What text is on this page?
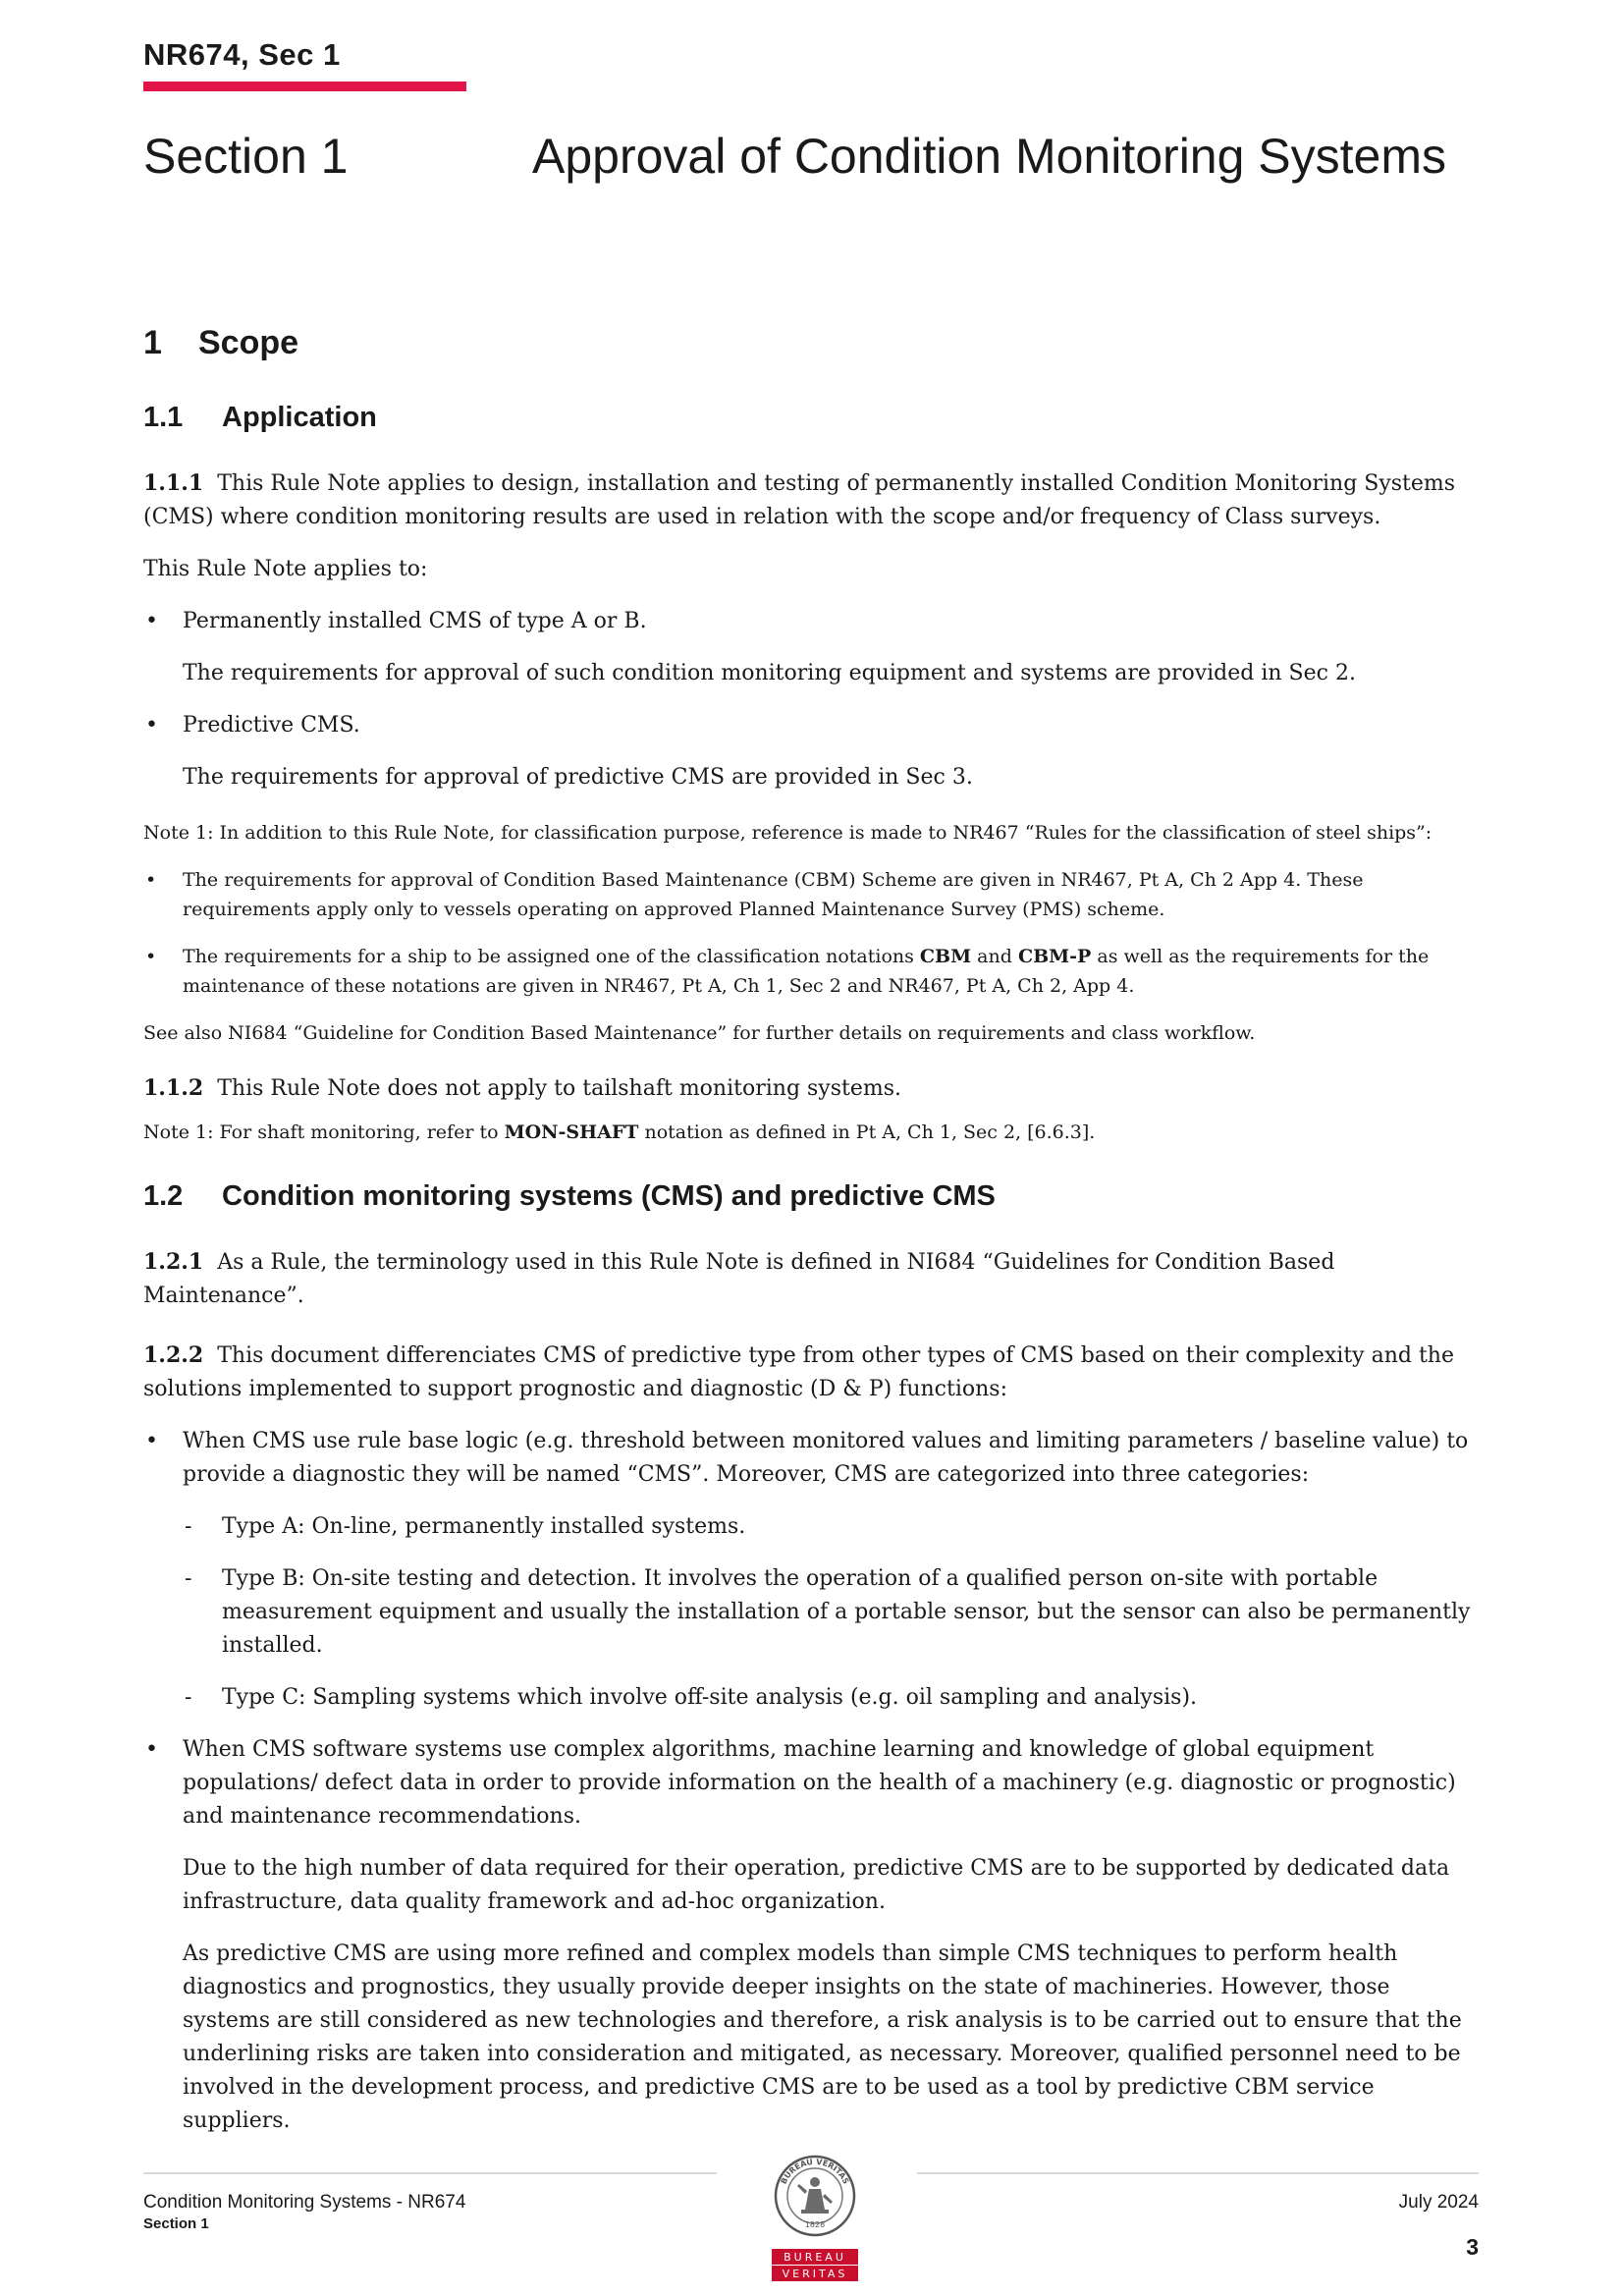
NR674, Sec 1
Section 1	Approval of Condition Monitoring Systems
1 Scope
1.1 Application
1.1.1 This Rule Note applies to design, installation and testing of permanently installed Condition Monitoring Systems (CMS) where condition monitoring results are used in relation with the scope and/or frequency of Class surveys.
This Rule Note applies to:
• Permanently installed CMS of type A or B.
The requirements for approval of such condition monitoring equipment and systems are provided in Sec 2.
• Predictive CMS.
The requirements for approval of predictive CMS are provided in Sec 3.
Note 1: In addition to this Rule Note, for classification purpose, reference is made to NR467 “Rules for the classification of steel ships”:
• The requirements for approval of Condition Based Maintenance (CBM) Scheme are given in NR467, Pt A, Ch 2 App 4. These requirements apply only to vessels operating on approved Planned Maintenance Survey (PMS) scheme.
• The requirements for a ship to be assigned one of the classification notations CBM and CBM-P as well as the requirements for the maintenance of these notations are given in NR467, Pt A, Ch 1, Sec 2 and NR467, Pt A, Ch 2, App 4.
See also NI684 “Guideline for Condition Based Maintenance” for further details on requirements and class workflow.
1.1.2 This Rule Note does not apply to tailshaft monitoring systems.
Note 1: For shaft monitoring, refer to MON-SHAFT notation as defined in Pt A, Ch 1, Sec 2, [6.6.3].
1.2 Condition monitoring systems (CMS) and predictive CMS
1.2.1 As a Rule, the terminology used in this Rule Note is defined in NI684 “Guidelines for Condition Based Maintenance”.
1.2.2 This document differenciates CMS of predictive type from other types of CMS based on their complexity and the solutions implemented to support prognostic and diagnostic (D & P) functions:
• When CMS use rule base logic (e.g. threshold between monitored values and limiting parameters / baseline value) to provide a diagnostic they will be named “CMS”. Moreover, CMS are categorized into three categories:
- Type A: On-line, permanently installed systems.
- Type B: On-site testing and detection. It involves the operation of a qualified person on-site with portable measurement equipment and usually the installation of a portable sensor, but the sensor can also be permanently installed.
- Type C: Sampling systems which involve off-site analysis (e.g. oil sampling and analysis).
• When CMS software systems use complex algorithms, machine learning and knowledge of global equipment populations/ defect data in order to provide information on the health of a machinery (e.g. diagnostic or prognostic) and maintenance recommendations.
Due to the high number of data required for their operation, predictive CMS are to be supported by dedicated data infrastructure, data quality framework and ad-hoc organization.
As predictive CMS are using more refined and complex models than simple CMS techniques to perform health diagnostics and prognostics, they usually provide deeper insights on the state of machineries. However, those systems are still considered as new technologies and therefore, a risk analysis is to be carried out to ensure that the underlining risks are taken into consideration and mitigated, as necessary. Moreover, qualified personnel need to be involved in the development process, and predictive CMS are to be used as a tool by predictive CBM service suppliers.
Condition Monitoring Systems - NR674
Section 1
July 2024
3
BUREAU VERITAS
1828
BUREAU
VERITAS
